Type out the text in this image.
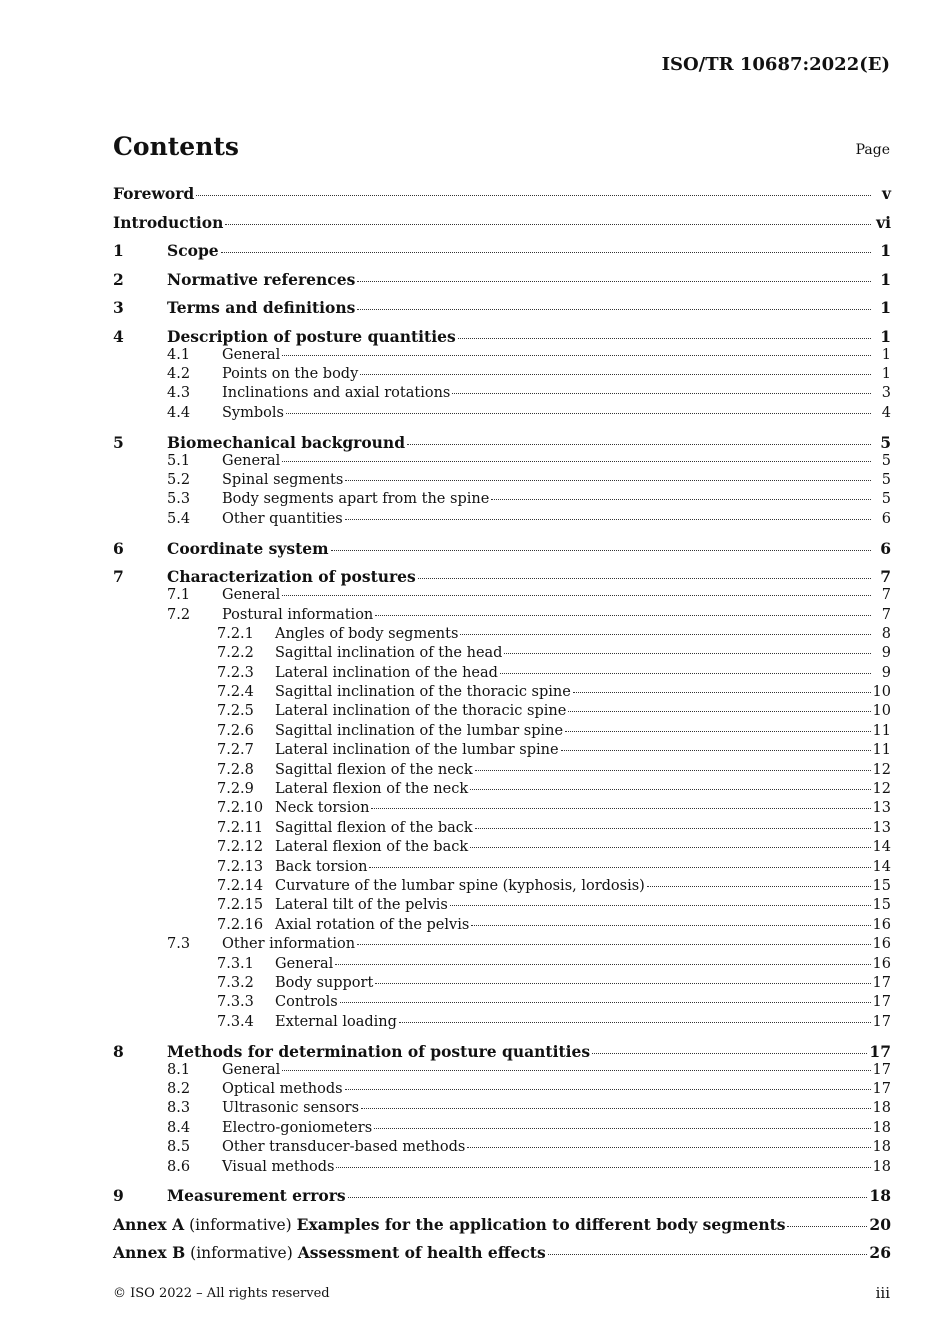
ISO/TR 10687:2022(E)
Contents	Page
Foreword	v
Introduction	vi
1	Scope	1
2	Normative references	1
3	Terms and definitions	1
4	Description of posture quantities	1
4.1	General	1
4.2	Points on the body	1
4.3	Inclinations and axial rotations	3
4.4	Symbols	4
5	Biomechanical background	5
5.1	General	5
5.2	Spinal segments	5
5.3	Body segments apart from the spine	5
5.4	Other quantities	6
6	Coordinate system	6
7	Characterization of postures	7
7.1	General	7
7.2	Postural information	7
7.2.1	Angles of body segments	8
7.2.2	Sagittal inclination of the head	9
7.2.3	Lateral inclination of the head	9
7.2.4	Sagittal inclination of the thoracic spine	10
7.2.5	Lateral inclination of the thoracic spine	10
7.2.6	Sagittal inclination of the lumbar spine	11
7.2.7	Lateral inclination of the lumbar spine	11
7.2.8	Sagittal flexion of the neck	12
7.2.9	Lateral flexion of the neck	12
7.2.10 Neck torsion	13
7.2.11 Sagittal flexion of the back	13
7.2.12 Lateral flexion of the back	14
7.2.13 Back torsion	14
7.2.14 Curvature of the lumbar spine (kyphosis, lordosis)	15
7.2.15 Lateral tilt of the pelvis	15
7.2.16 Axial rotation of the pelvis	16
7.3	Other information	16
7.3.1	General	16
7.3.2	Body support	17
7.3.3	Controls	17
7.3.4	External loading	17
8	Methods for determination of posture quantities	17
8.1	General	17
8.2	Optical methods	17
8.3	Ultrasonic sensors	18
8.4	Electro-goniometers	18
8.5	Other transducer-based methods	18
8.6	Visual methods	18
9	Measurement errors	18
Annex A (informative) Examples for the application to different body segments	20
Annex B (informative) Assessment of health effects	26
© ISO 2022 – All rights reserved	iii
